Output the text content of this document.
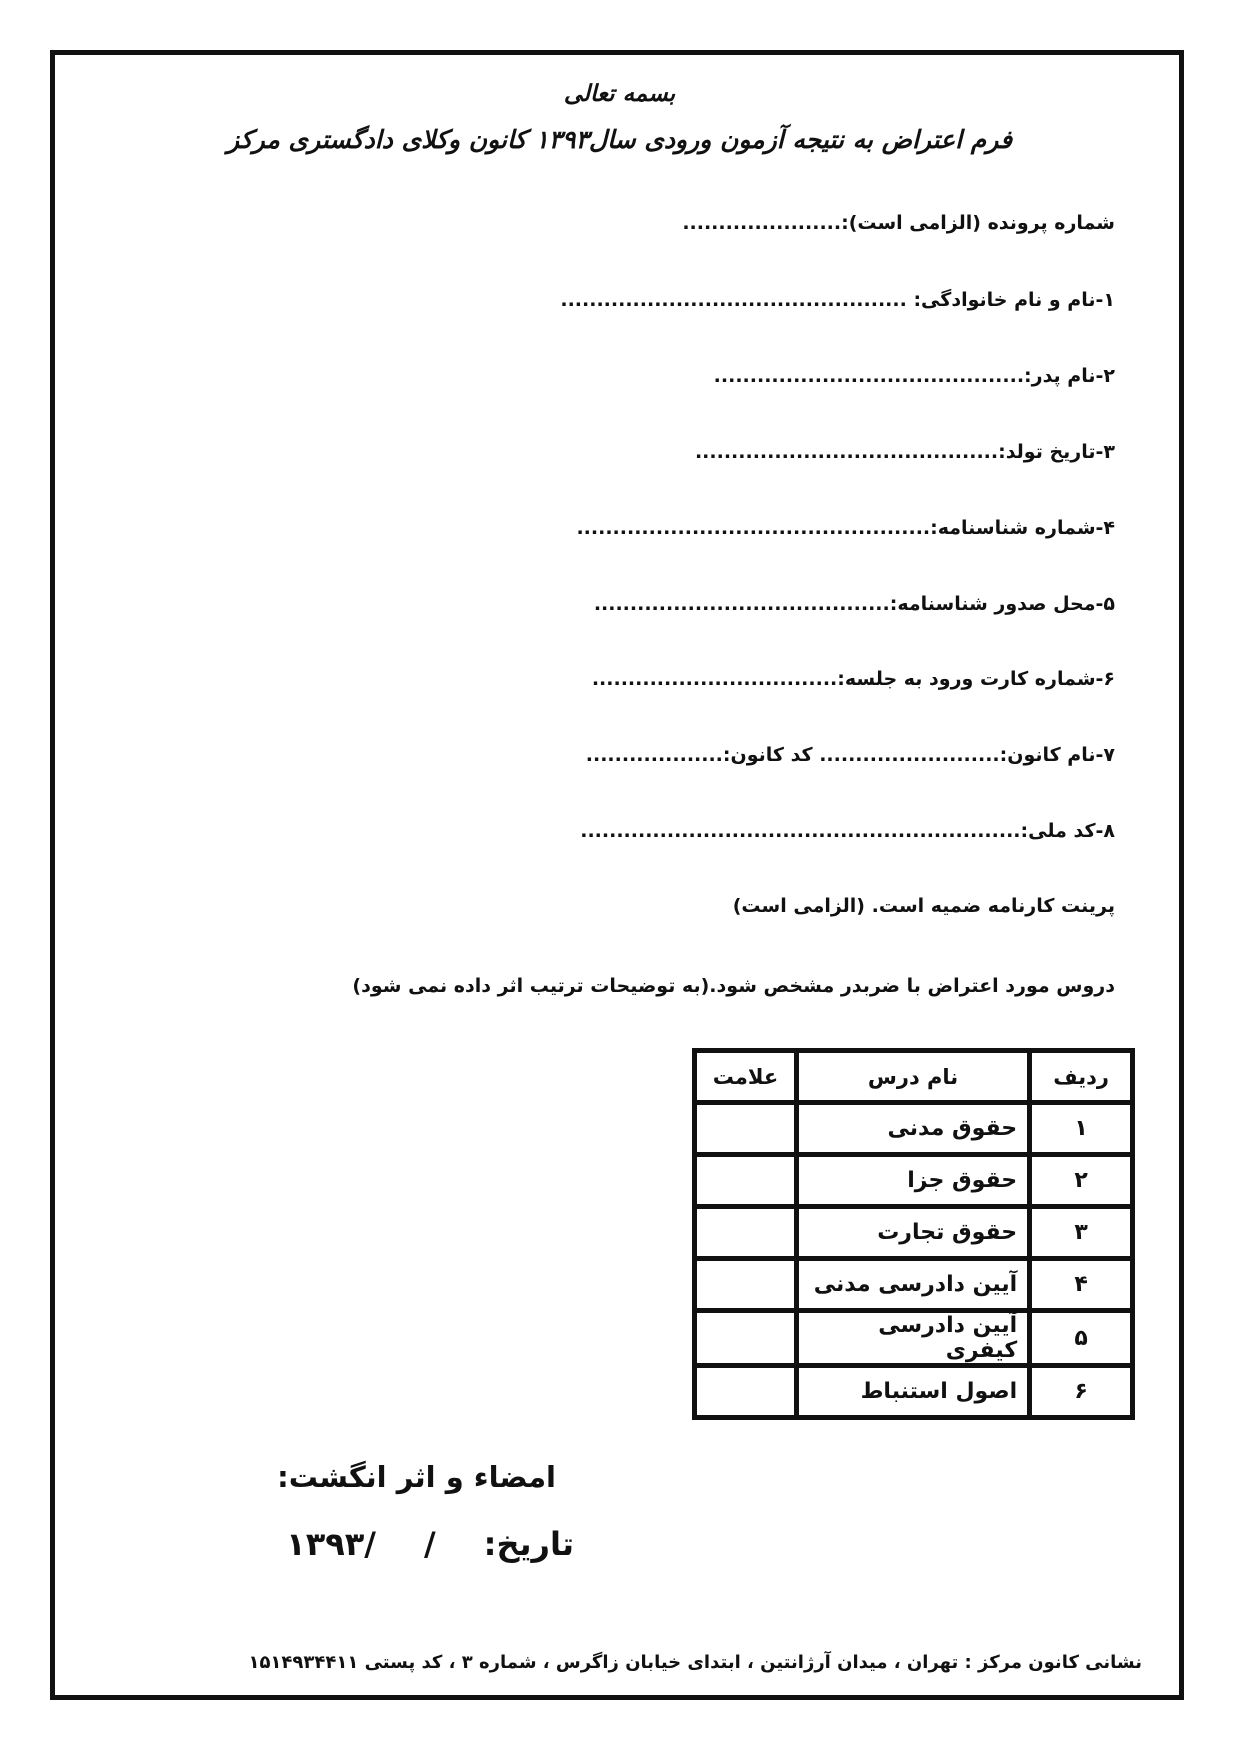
بسمه تعالی
فرم اعتراض به نتیجه آزمون ورودی سال۱۳۹۳ کانون وکلای دادگستری مرکز
شماره پرونده (الزامی است):......................
۱-نام و نام خانوادگی: ................................................
۲-نام پدر:...........................................
۳-تاریخ تولد:..........................................
۴-شماره شناسنامه:.................................................
۵-محل صدور شناسنامه:.........................................
۶-شماره کارت ورود به جلسه:..................................
۷-نام کانون:......................... کد کانون:...................
۸-کد ملی:.............................................................
پرینت کارنامه ضمیه است. (الزامی است)
دروس مورد اعتراض با ضربدر مشخص شود.(به توضیحات ترتیب اثر داده نمی شود)
ردیف	نام درس	علامت
۱	حقوق مدنی	
۲	حقوق جزا	
۳	حقوق تجارت	
۴	آیین دادرسی مدنی	
۵	آیین دادرسی کیفری	
۶	اصول استنباط	
امضاء و اثر انگشت:
تاریخ://۱۳۹۳
نشانی کانون مرکز : تهران ، میدان آرژانتین ، ابتدای خیابان زاگرس ، شماره ۳ ، کد پستی ۱۵۱۴۹۳۴۴۱۱
